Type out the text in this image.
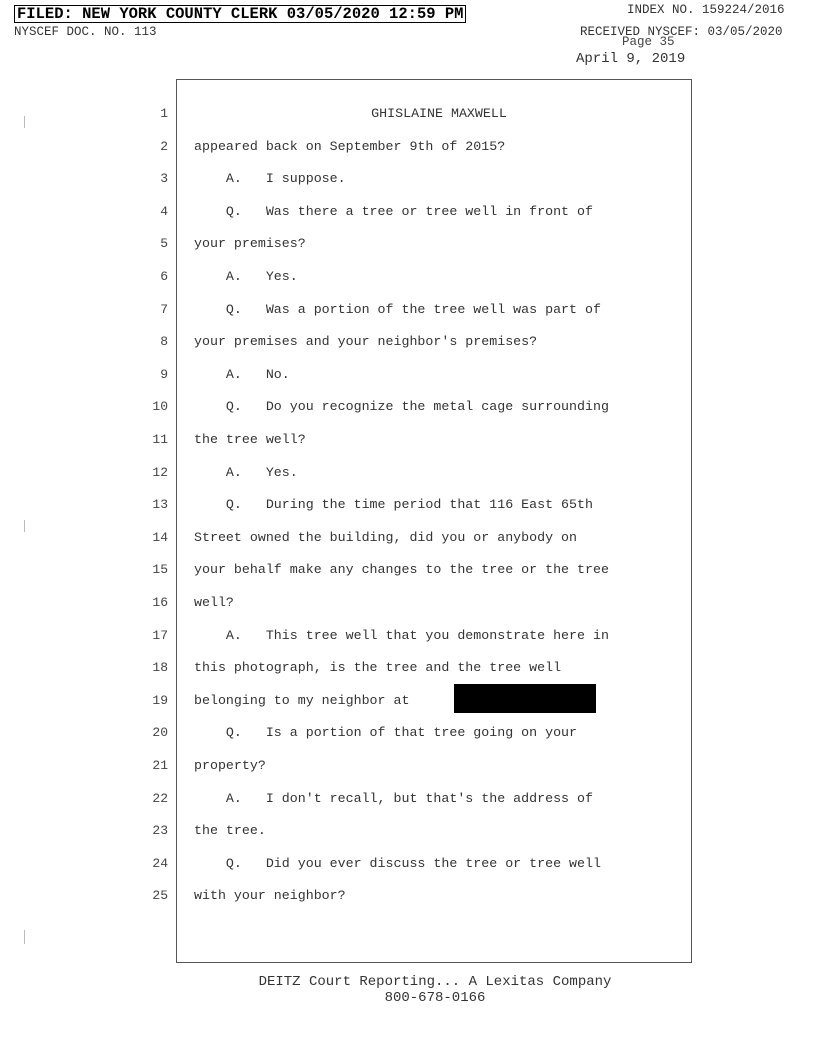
FILED: NEW YORK COUNTY CLERK 03/05/2020 12:59 PM	INDEX NO. 159224/2016
NYSCEF DOC. NO. 113	RECEIVED NYSCEF: 03/05/2020
Page 35
April 9, 2019
1	GHISLAINE MAXWELL
2 appeared back on September 9th of 2015?
3 A.   I suppose.
4 Q.   Was there a tree or tree well in front of
5 your premises?
6 A.   Yes.
7 Q.   Was a portion of the tree well was part of
8 your premises and your neighbor's premises?
9 A.   No.
10 Q.   Do you recognize the metal cage surrounding
11 the tree well?
12 A.   Yes.
13 Q.   During the time period that 116 East 65th
14 Street owned the building, did you or anybody on
15 your behalf make any changes to the tree or the tree
16 well?
17 A.   This tree well that you demonstrate here in
18 this photograph, is the tree and the tree well
19 belonging to my neighbor at
20 Q.   Is a portion of that tree going on your
21 property?
22 A.   I don't recall, but that's the address of
23 the tree.
24 Q.   Did you ever discuss the tree or tree well
25 with your neighbor?
DEITZ Court Reporting... A Lexitas Company
800-678-0166
